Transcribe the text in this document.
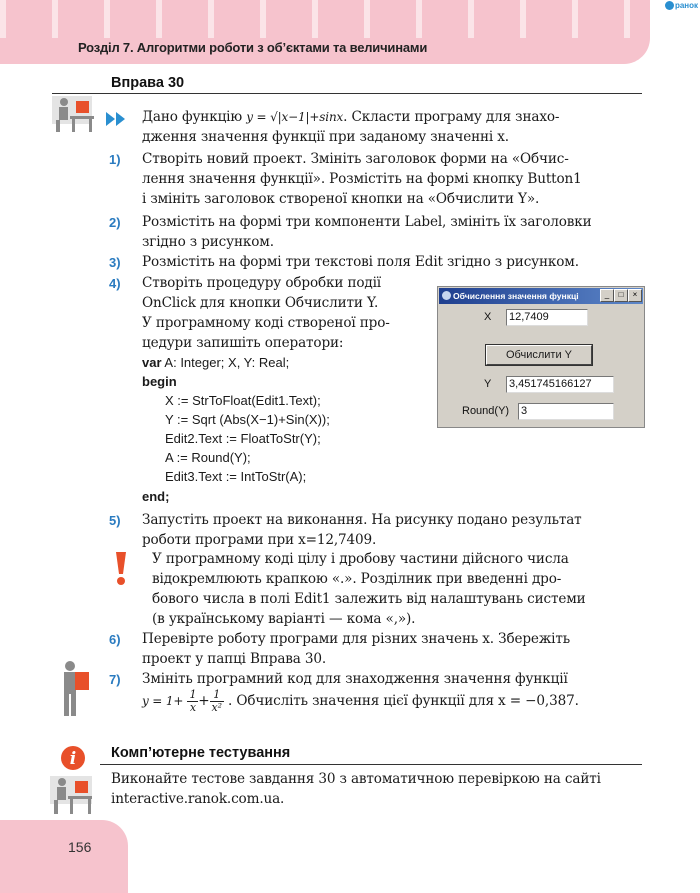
Розділ 7. Алгоритми роботи з об’єктами та величинами
ранок
Вправа 30
Дано функцію y = √|x−1|+sinx. Скласти програму для знахо-
дження значення функції при заданому значенні x.
1) Створіть новий проект. Змініть заголовок форми на «Обчис-
лення значення функції». Розмістіть на формі кнопку Button1
і змініть заголовок створеної кнопки на «Обчислити Y».
2) Розмістіть на формі три компоненти Label, змініть їх заголовки
згідно з рисунком.
3) Розмістіть на формі три текстові поля Edit згідно з рисунком.
4) Створіть процедуру обробки події
OnClick для кнопки Обчислити Y.
У програмному коді створеної про-
цедури запишіть оператори:
var A: Integer; X, Y: Real;
begin
X := StrToFloat(Edit1.Text);
Y := Sqrt (Abs(X−1)+Sin(X));
Edit2.Text := FloatToStr(Y);
A := Round(Y);
Edit3.Text := IntToStr(A);
end;
Обчислення значення функці	_	□	×
X 12,7409
Обчислити Y
Y 3,451745166127
Round(Y) 3
5) Запустіть проект на виконання. На рисунку подано результат
роботи програми при x=12,7409.
У програмному коді цілу і дробову частини дійсного числа
відокремлюють крапкою «.». Розділник при введенні дро-
бового числа в полі Edit1 залежить від налаштувань системи
(в українському варіанті — кома «,»).
6) Перевірте роботу програми для різних значень x. Збережіть
проект у папці Вправа 30.
7) Змініть програмний код для знаходження значення функції
$y = 1+ \frac{1}{x} + \frac{1}{\text{x²}}$ . Обчисліть значення цієї функції для x = −0,387.
i Комп’ютерне тестування
Виконайте тестове завдання 30 з автоматичною перевіркою на сайті
interactive.ranok.com.ua.
156
